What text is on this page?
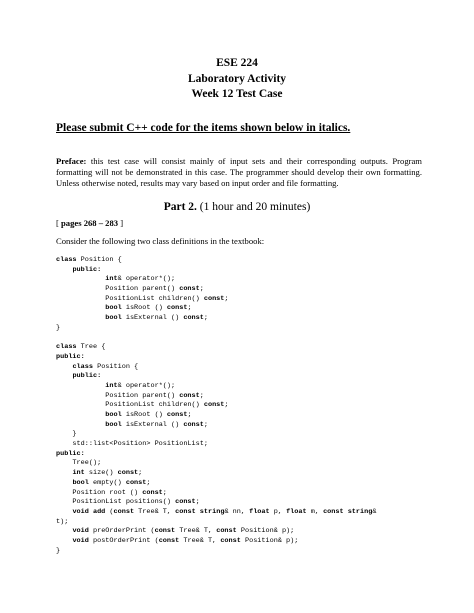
ESE 224
Laboratory Activity
Week 12 Test Case
Please submit C++ code for the items shown below in italics.
Preface: this test case will consist mainly of input sets and their corresponding outputs. Program formatting will not be demonstrated in this case. The programmer should develop their own formatting. Unless otherwise noted, results may vary based on input order and file formatting.
Part 2. (1 hour and 20 minutes)
[ pages 268 – 283 ]
Consider the following two class definitions in the textbook:
class Position {
public:
int& operator*();
Position parent() const;
PositionList children() const;
bool isRoot () const;
bool isExternal () const;
}
class Tree {
public:
class Position {
public:
int& operator*();
Position parent() const;
PositionList children() const;
bool isRoot () const;
bool isExternal () const;
}
std::list<Position> PositionList;
public:
Tree();
int size() const;
bool empty() const;
Position root () const;
PositionList positions() const;
void add (const Tree& T, const string& nn, float p, float m, const string&
t);
void preOrderPrint (const Tree& T, const Position& p);
void postOrderPrint (const Tree& T, const Position& p);
}
